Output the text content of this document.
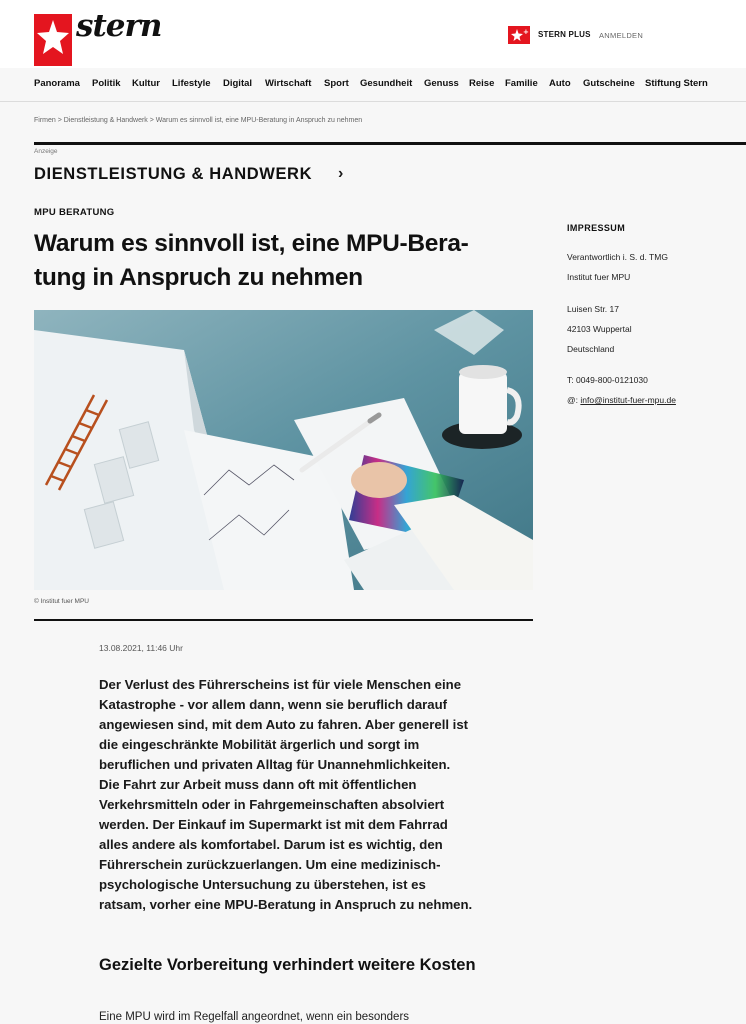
stern	+ STERN PLUS ANMELDEN
Panorama Politik Kultur Lifestyle Digital Wirtschaft Sport Gesundheit Genuss Reise Familie Auto Gutscheine Stiftung Stern
Firmen > Dienstleistung & Handwerk > Warum es sinnvoll ist, eine MPU-Beratung in Anspruch zu nehmen
Anzeige
DIENSTLEISTUNG & HANDWERK ›
MPU BERATUNG
Warum es sinnvoll ist, eine MPU-Bera-
tung in Anspruch zu nehmen
© Institut fuer MPU
13.08.2021, 11:46 Uhr

Der Verlust des Führerscheins ist für viele Menschen eine Katastrophe - vor allem dann, wenn sie beruflich darauf angewiesen sind, mit dem Auto zu fahren. Aber generell ist die eingeschränkte Mobilität ärgerlich und sorgt im beruflichen und privaten Alltag für Unannehmlichkeiten. Die Fahrt zur Arbeit muss dann oft mit öffentlichen Verkehrsmitteln oder in Fahrgemeinschaften absolviert werden. Der Einkauf im Supermarkt ist mit dem Fahrrad alles andere als komfortabel. Darum ist es wichtig, den Führerschein zurückzuerlangen. Um eine medizinisch-psychologische Untersuchung zu überstehen, ist es ratsam, vorher eine MPU-Beratung in Anspruch zu nehmen.

Gezielte Vorbereitung verhindert weitere Kosten

Eine MPU wird im Regelfall angeordnet, wenn ein besonders

IMPRESSUM
Verantwortlich i. S. d. TMG
Institut fuer MPU
Luisen Str. 17
42103 Wuppertal
Deutschland
T: 0049-800-0121030
@: info@institut-fuer-mpu.de
